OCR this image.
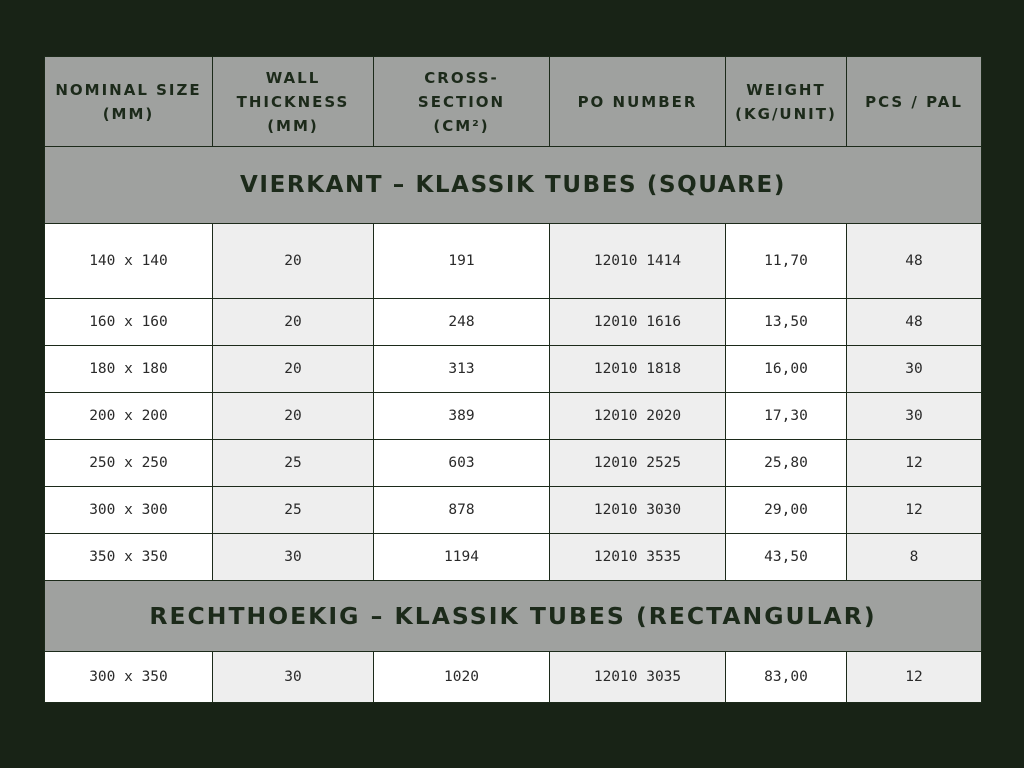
NOMINAL SIZE (MM)	WALL THICKNESS (MM)	CROSS-SECTION (CM²)	PO NUMBER	WEIGHT (KG/UNIT)	PCS / PAL
VIERKANT – KLASSIK TUBES (SQUARE)					
140 x 140	20	191	12010 1414	11,70	48
160 x 160	20	248	12010 1616	13,50	48
180 x 180	20	313	12010 1818	16,00	30
200 x 200	20	389	12010 2020	17,30	30
250 x 250	25	603	12010 2525	25,80	12
300 x 300	25	878	12010 3030	29,00	12
350 x 350	30	1194	12010 3535	43,50	8
RECHTHOEKIG – KLASSIK TUBES (RECTANGULAR)					
300 x 350	30	1020	12010 3035	83,00	12
